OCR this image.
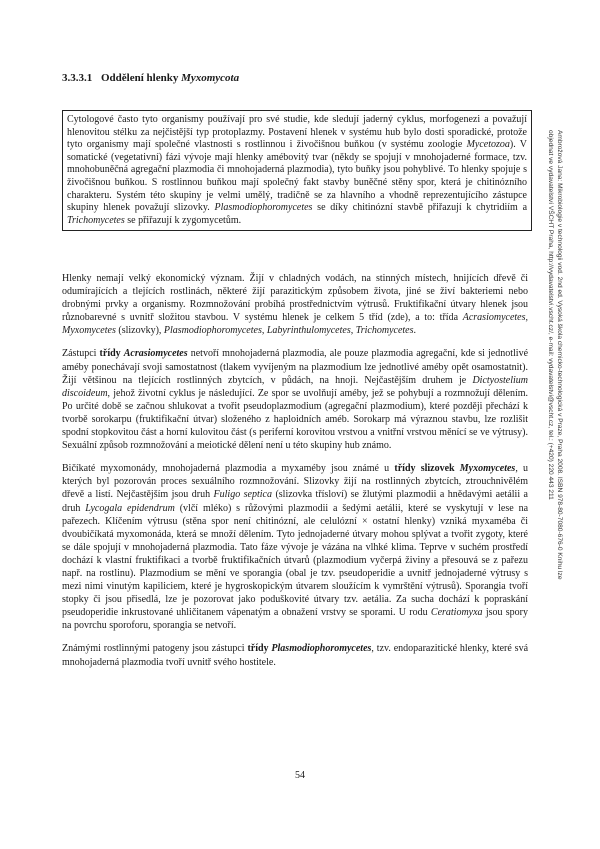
3.3.3.1 Oddělení hlenky Myxomycota
Cytologové často tyto organismy používají pro své studie, kde sledují jaderný cyklus, morfogenezi a považují hlenovitou stélku za nejčistější typ protoplazmy. Postavení hlenek v systému hub bylo dosti sporadické, protože tyto organismy mají společné vlastnosti s rostlinnou i živočišnou buňkou (v systému zoologie Mycetozoa). V somatické (vegetativní) fázi vývoje mají hlenky amébovitý tvar (někdy se spojují v mnohojaderné formace, tzv. mnohobuněčná agregační plazmodia či mnohojaderná plazmodia), tyto buňky jsou pohyblivé. To hlenky spojuje s živočišnou buňkou. S rostlinnou buňkou mají společný fakt stavby buněčné stěny spor, která je chitinózního charakteru. Systém této skupiny je velmi umělý, tradičně se za hlavního a vhodně reprezentujícího zástupce skupiny hlenek považují slizovky. Plasmodiophoromycetes se díky chitinózní stavbě přiřazují k chytridiím a Trichomycetes se přiřazují k zygomycetům.	Ambrožová Jana: Mikrobiologie v technologii vod. 2nd ed. Vysoká škola chemicko-technologická v Praze, Praha 2008. ISBN 978-80-7080-676-0 Knihu lze objednat ve vydavatelství VŠCHT Praha, http://vydavatelstvi.vscht.cz/, e-mail: vydavatelstvi@vscht.cz, tel.: (+420) 220 443 211

Hlenky nemají velký ekonomický význam. Žijí v chladných vodách, na stinných místech, hnijících dřevě či odumírajících a tlejících rostlinách, některé žijí parazitickým způsobem života, jiné se živí bakteriemi nebo drobnými prvky a organismy. Rozmnožování probíhá prostřednictvím výtrusů. Fruktifikační útvary hlenek jsou různobarevné s uvnitř složitou stavbou. V systému hlenek je celkem 5 tříd (zde), a to: třída Acrasiomycetes, Myxomycetes (slizovky), Plasmodiophoromycetes, Labyrinthulomycetes, Trichomycetes.

Zástupci třídy Acrasiomycetes netvoří mnohojaderná plazmodia, ale pouze plazmodia agregační, kde si jednotlivé améby ponechávají svoji samostatnost (tlakem vyvíjeným na plazmodium lze jednotlivé améby opět osamostatnit). Žijí většinou na tlejících rostlinných zbytcích, v půdách, na hnoji. Nejčastějším druhem je Dictyostelium discoideum, jehož životní cyklus je následující. Ze spor se uvolňují améby, jež se pohybují a rozmnožují dělením. Po určité době se začnou shlukovat a tvořit pseudoplazmodium (agregační plazmodium), které později přechází k tvorbě sorokarpu (fruktifikační útvar) složeného z haploidních améb. Sorokarp má výraznou stavbu, lze rozlišit spodní stopkovitou část a horní kulovitou část (s periferní korovitou vrstvou a vnitřní vrstvou měnící se ve výtrusy). Sexuální způsob rozmnožování a meiotické dělení není u této skupiny hub známo.

Bičíkaté myxomonády, mnohojaderná plazmodia a myxaméby jsou známé u třídy slizovek Myxomycetes, u kterých byl pozorován proces sexuálního rozmnožování. Slizovky žijí na rostlinných zbytcích, ztrouchnivělém dřevě a listí. Nejčastějším jsou druh Fuligo septica (slizovka třísloví) se žlutými plazmodii a hnědavými aetálii a druh Lycogala epidendrum (vlčí mléko) s růžovými plazmodii a šedými aetálii, které se vyskytují v lese na pařezech. Klíčením výtrusu (stěna spor není chitinózní, ale celulózní × ostatní hlenky) vzniká myxaméba či dvoubičíkatá myxomonáda, která se množí dělením. Tyto jednojaderné útvary mohou splývat a tvořit zygoty, které se dále spojují v mnohojaderná plazmodia. Tato fáze vývoje je vázána na vlhké klima. Teprve v suchém prostředí dochází k vlastní fruktifikaci a tvorbě fruktifikačních útvarů (plazmodium vyčerpá živiny a přesouvá se z pařezu např. na rostlinu). Plazmodium se mění ve sporangia (obal je tzv. pseudoperidie a uvnitř jednojaderné výtrusy s mezi nimi vinutým kapiliciem, které je hygroskopickým útvarem sloužícím k vymrštění výtrusů). Sporangia tvoří stopky či jsou přisedlá, lze je pozorovat jako poduškovité útvary tzv. aetália. Za sucha dochází k popraskání pseudoperidie inkrustované uhličitanem vápenatým a obnažení vrstvy se sporami. U rodu Ceratiomyxa jsou spory na povrchu sporoforu, sporangia se netvoří.

Známými rostlinnými patogeny jsou zástupci třídy Plasmodiophoromycetes, tzv. endoparazitické hlenky, které svá mnohojaderná plazmodia tvoří uvnitř svého hostitele.

54
